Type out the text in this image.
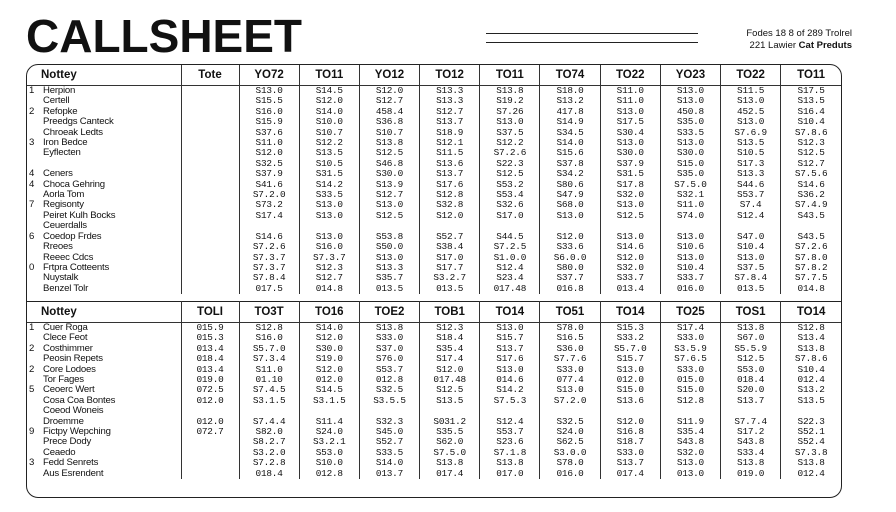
CALLSHEET	Fodes 18 8 of 289 Trolrel
221 Lawier Cat Preduts
Nottey	Tote	YO72	TO11	YO12	TO12	TO11	TO74	TO22	YO23	TO22	TO11
1 Herpion		S13.0	S14.5	S12.0	S13.3	S13.8	S18.0	S11.0	S13.0	S11.5	S17.5
Certell		S15.5	S12.0	S12.7	S13.3	S19.2	S13.2	S11.0	S13.0	S13.0	S13.5
2 Refopke		S16.0	S14.0	458.4	S12.7	S7.26	417.8	S13.0	450.8	452.5	S16.4
Preedgs Canteck		S15.9	S10.0	S36.8	S13.7	S13.0	S14.9	S17.5	S35.0	S13.0	S10.4
Chroeak Ledts		S37.6	S10.7	S10.7	S18.9	S37.5	S34.5	S30.4	S33.5	S7.6.9	S7.8.6
3 Iron Bedce		S11.0	S12.2	S13.8	S12.1	S12.2	S14.0	S13.0	S13.0	S13.5	S12.3
Eyflecten		S12.0	S13.5	S12.5	S11.5	S7.2.6	S15.6	S30.0	S30.0	S10.5	S12.5
		S32.5	S10.5	S46.8	S13.6	S22.3	S37.8	S37.9	S15.0	S17.3	S12.7
4 Ceners		S37.9	S31.5	S30.0	S13.7	S12.5	S34.2	S31.5	S35.0	S13.3	S7.5.6
4 Choca Gehring		S41.6	S14.2	S13.9	S17.6	S53.2	S80.6	S17.8	S7.5.0	S44.6	S14.6
Aorla Tom		S7.2.0	S33.5	S12.7	S12.8	S53.4	S47.9	S32.0	S32.1	S53.7	S36.2
7 Regisonty		S73.2	S13.0	S13.0	S32.8	S32.6	S68.0	S13.0	S11.0	S7.4	S7.4.9
Peiret Kulh Bocks		S17.4	S13.0	S12.5	S12.0	S17.0	S13.0	S12.5	S74.0	S12.4	S43.5
Ceuerdalls											
6 Coedop Frdes		S14.6	S13.0	S53.8	S52.7	S44.5	S12.0	S13.0	S13.0	S47.0	S43.5
Rreoes		S7.2.6	S16.0	S50.0	S38.4	S7.2.5	S33.6	S14.6	S10.6	S10.4	S7.2.6
Reeec Cdcs		S7.3.7	S7.3.7	S13.0	S17.0	S1.0.0	S6.0.0	S12.0	S13.0	S13.0	S7.8.0
0 Frtpra Cotteents		S7.3.7	S12.3	S13.3	S17.7	S12.4	S80.0	S32.0	S10.4	S37.5	S7.8.2
Nuystalk		S7.8.4	S12.7	S35.7	S3.2.7	S23.4	S37.7	S33.7	S33.7	S7.8.4	S7.7.5
Benzel Tolr		017.5	014.8	013.5	013.5	017.48	016.8	013.4	016.0	013.5	014.8
Nottey	TOLI	TO3T	TO16	TOE2	TOB1	TO14	TO51	TO14	TO25	TOS1	TO14
1 Cuer Roga	015.9	S12.8	S14.0	S13.8	S12.3	S13.0	S78.0	S15.3	S17.4	S13.8	S12.8
Clece Feot	015.3	S16.0	S12.0	S33.0	S18.4	S15.7	S16.5	S33.2	S33.0	S67.0	S13.4
2 Costhimmer	013.4	S5.7.0	S30.0	S37.0	S35.4	S13.7	S36.0	S5.7.0	S3.5.9	S5.5.9	S13.8
Peosin Repets	018.4	S7.3.4	S19.0	S76.0	S17.4	S17.6	S7.7.6	S15.7	S7.6.5	S12.5	S7.8.6
2 Core Lodoes	013.4	S11.0	S12.0	S53.7	S12.0	S13.0	S33.0	S13.0	S33.0	S53.0	S10.4
Tor Fages	019.0	01.10	012.0	012.8	017.48	014.6	077.4	012.0	015.0	018.4	012.4
5 Ceoerc Wert	072.5	S7.4.5	S14.5	S32.5	S12.5	S14.2	S13.0	S15.0	S15.0	S20.0	S13.2
Cosa Coa Bontes	012.0	S3.1.5	S3.1.5	S3.5.5	S13.5	S7.5.3	S7.2.0	S13.6	S12.8	S13.7	S13.5
Coeod Woneis											
Droemme	012.0	S7.4.4	S11.4	S32.3	S031.2	S12.4	S32.5	S12.0	S11.9	S7.7.4	S22.3
9 Fictpy Wepching	072.7	S82.0	S24.0	S45.0	S35.5	S53.7	S24.0	S16.8	S35.4	S17.2	S52.1
Prece Dody		S8.2.7	S3.2.1	S52.7	S62.0	S23.6	S62.5	S18.7	S43.8	S43.8	S52.4
Ceaedo		S3.2.0	S53.0	S33.5	S7.5.0	S7.1.8	S3.0.0	S33.0	S32.0	S33.4	S7.3.8
3 Fedd Senrets		S7.2.8	S10.0	S14.0	S13.8	S13.8	S78.0	S13.7	S13.0	S13.8	S13.8
Aus Esrendent		018.4	012.8	013.7	017.4	017.0	016.0	017.4	013.0	019.0	012.4
